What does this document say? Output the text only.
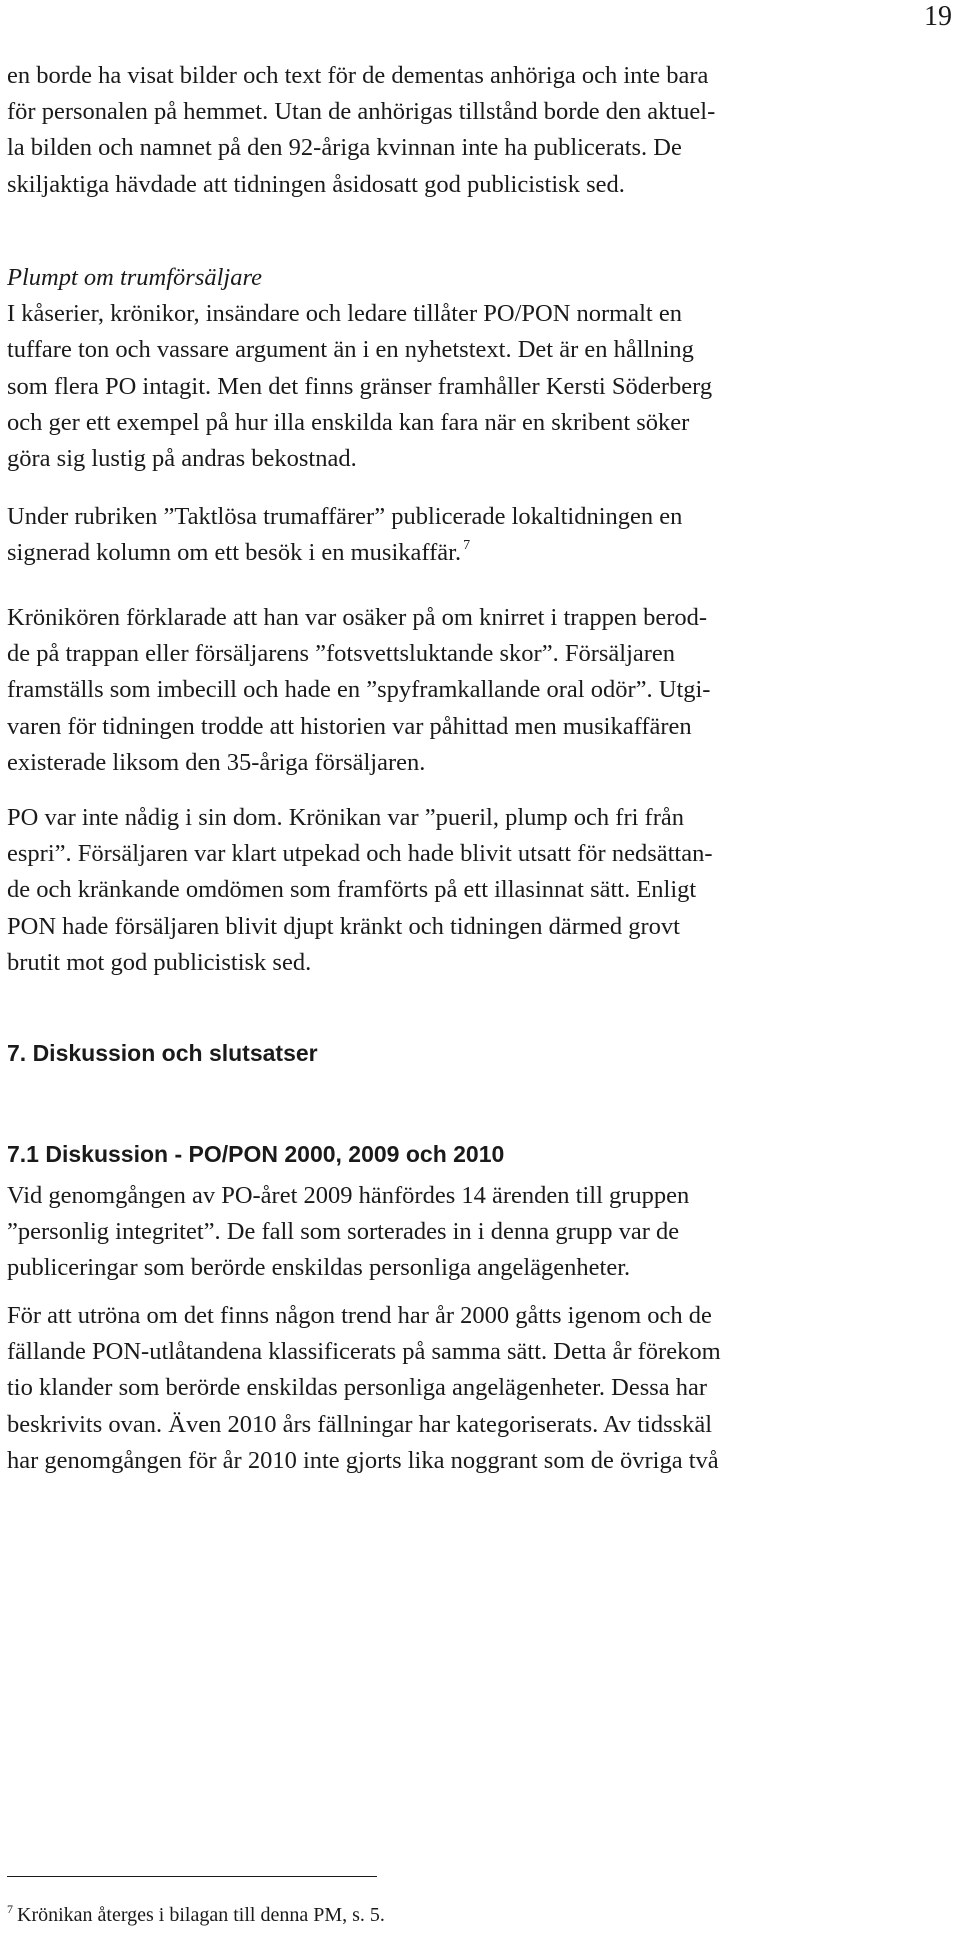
19

en borde ha visat bilder och text för de dementas anhöriga och inte bara
för personalen på hemmet. Utan de anhörigas tillstånd borde den aktuel-
la bilden och namnet på den 92-åriga kvinnan inte ha publicerats. De
skiljaktiga hävdade att tidningen åsidosatt god publicistisk sed.

Plumpt om trumförsäljare
I kåserier, krönikor, insändare och ledare tillåter PO/PON normalt en
tuffare ton och vassare argument än i en nyhetstext. Det är en hållning
som flera PO intagit. Men det finns gränser framhåller Kersti Söderberg
och ger ett exempel på hur illa enskilda kan fara när en skribent söker
göra sig lustig på andras bekostnad.

Under rubriken ”Taktlösa trumaffärer” publicerade lokaltidningen en
signerad kolumn om ett besök i en musikaffär. $^7$

Krönikören förklarade att han var osäker på om knirret i trappen berod-
de på trappan eller försäljarens ”fotsvettsluktande skor”. Försäljaren
framställs som imbecill och hade en ”spyframkallande oral odör”. Utgi-
varen för tidningen trodde att historien var påhittad men musikaffären
existerade liksom den 35-åriga försäljaren.

PO var inte nådig i sin dom. Krönikan var ”pueril, plump och fri från
espri”. Försäljaren var klart utpekad och hade blivit utsatt för nedsättan-
de och kränkande omdömen som framförts på ett illasinnat sätt. Enligt
PON hade försäljaren blivit djupt kränkt och tidningen därmed grovt
brutit mot god publicistisk sed.

7. Diskussion och slutsatser
7.1 Diskussion - PO/PON 2000, 2009 och 2010

Vid genomgången av PO-året 2009 hänfördes 14 ärenden till gruppen
”personlig integritet”. De fall som sorterades in i denna grupp var de
publiceringar som berörde enskildas personliga angelägenheter.

För att utröna om det finns någon trend har år 2000 gåtts igenom och de
fällande PON-utlåtandena klassificerats på samma sätt. Detta år förekom
tio klander som berörde enskildas personliga angelägenheter. Dessa har
beskrivits ovan. Även 2010 års fällningar har kategoriserats. Av tidsskäl
har genomgången för år 2010 inte gjorts lika noggrant som de övriga två

$^7$ Krönikan återges i bilagan till denna PM, s. 5.
